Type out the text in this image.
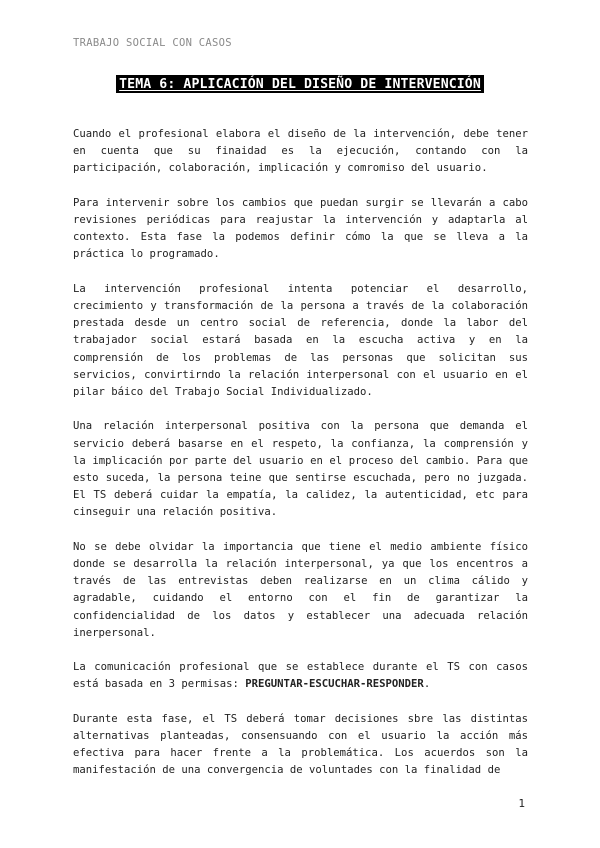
TRABAJO SOCIAL CON CASOS
TEMA 6: APLICACIÓN DEL DISEÑO DE INTERVENCIÓN

Cuando el profesional elabora el diseño de la intervención, debe tener en cuenta que su finaidad es la ejecución, contando con la participación, colaboración, implicación y comromiso del usuario.

Para intervenir sobre los cambios que puedan surgir se llevarán a cabo revisiones periódicas para reajustar la intervención y adaptarla al contexto. Esta fase la podemos definir cómo la que se lleva a la práctica lo programado.

La intervención profesional intenta potenciar el desarrollo, crecimiento y transformación de la persona a través de la colaboración prestada desde un centro social de referencia, donde la labor del trabajador social estará basada en la escucha activa y en la comprensión de los problemas de las personas que solicitan sus servicios, convirtirndo la relación interpersonal con el usuario en el pilar báico del Trabajo Social Individualizado.

Una relación interpersonal positiva con la persona que demanda el servicio deberá basarse en el respeto, la confianza, la comprensión y la implicación por parte del usuario en el proceso del cambio. Para que esto suceda, la persona teine que sentirse escuchada, pero no juzgada. El TS deberá cuidar la empatía, la calidez, la autenticidad, etc para cinseguir una relación positiva.

No se debe olvidar la importancia que tiene el medio ambiente físico donde se desarrolla la relación interpersonal, ya que los encentros a través de las entrevistas deben realizarse en un clima cálido y agradable, cuidando el entorno con el fin de garantizar la confidencialidad de los datos y establecer una adecuada relación inerpersonal.

La comunicación profesional que se establece durante el TS con casos está basada en 3 permisas: PREGUNTAR-ESCUCHAR-RESPONDER.

Durante esta fase, el TS deberá tomar decisiones sbre las distintas alternativas planteadas, consensuando con el usuario la acción más efectiva para hacer frente a la problemática. Los acuerdos son la manifestación de una convergencia de voluntades con la finalidad de

1
